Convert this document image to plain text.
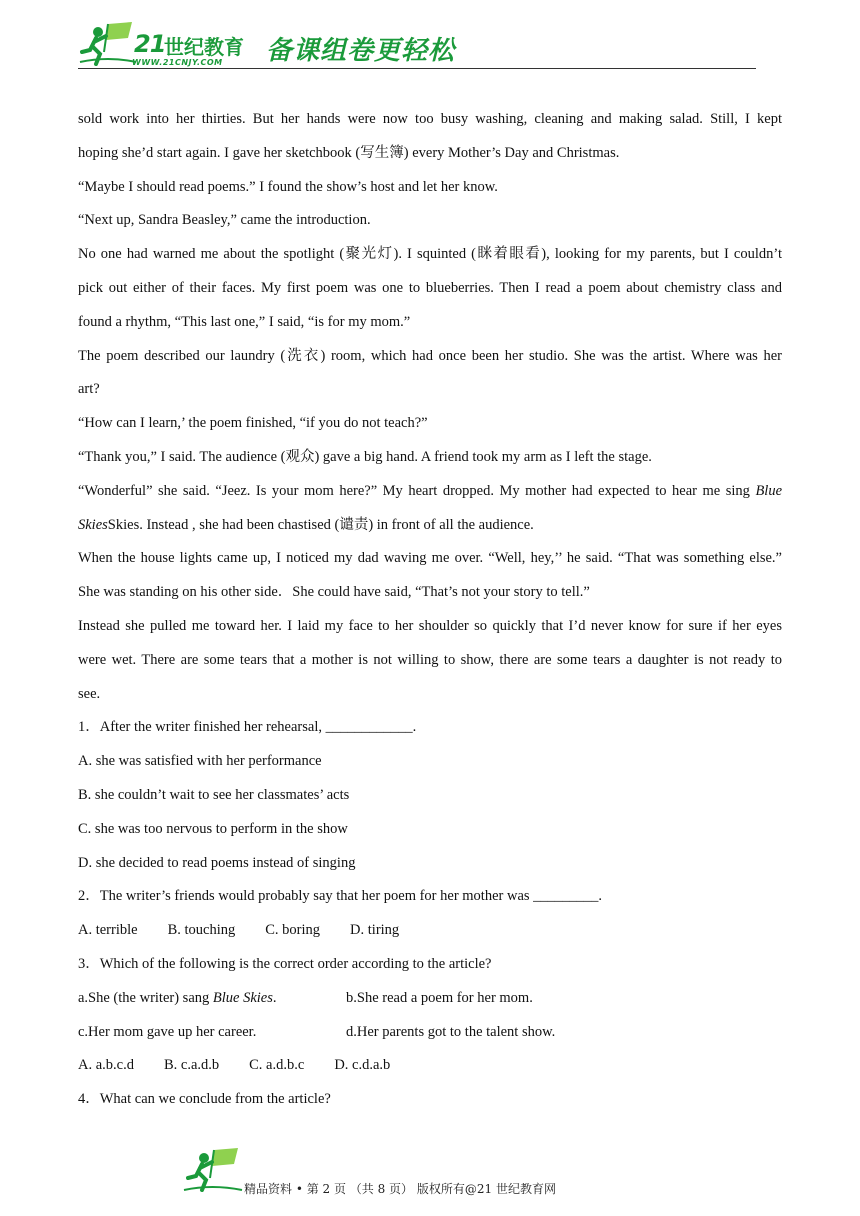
21
世纪教育
WWW.21CNJY.COM 备课组卷更轻松
sold work into her thirties. But her hands were now too busy washing, cleaning and making salad. Still, I kept
hoping she’d start again. I gave her sketchbook (写生簿) every Mother’s Day and Christmas.
“Maybe I should read poems.” I found the show’s host and let her know.
“Next up, Sandra Beasley,” came the introduction.
No one had warned me about the spotlight (聚光灯). I squinted (眯着眼看), looking for my parents, but I couldn’t
pick out either of their faces. My first poem was one to blueberries. Then I read a poem about chemistry class and
found a rhythm, “This last one,” I said, “is for my mom.”
The poem described our laundry (洗衣) room, which had once been her studio. She was the artist. Where was her
art?
“How can I learn,’ the poem finished, “if you do not teach?”
“Thank you,” I said. The audience (观众) gave a big hand. A friend took my arm as I left the stage.
“Wonderful” she said. “Jeez. Is your mom here?” My heart dropped. My mother had expected to hear me sing Blue
SkiesSkies. Instead , she had been chastised (谴责) in front of all the audience.
When the house lights came up, I noticed my dad waving me over. “Well, hey,’’ he said. “That was something else.”
She was standing on his other side．She could have said, “That’s not your story to tell.”
Instead she pulled me toward her. I laid my face to her shoulder so quickly that I’d never know for sure if her eyes
were wet. There are some tears that a mother is not willing to show, there are some tears a daughter is not ready to
see.
1．After the writer finished her rehearsal, ____________.
A. she was satisfied with her performance
B. she couldn’t wait to see her classmates’ acts
C. she was too nervous to perform in the show
D. she decided to read poems instead of singing
2．The writer’s friends would probably say that her poem for her mother was _________.
A. terrible B. touching C. boring D. tiring
3．Which of the following is the correct order according to the article?
a.She (the writer) sang Blue Skies.	b.She read a poem for her mom.
c.Her mom gave up her career.	d.Her parents got to the talent show.
A. a.b.c.d B. c.a.d.b C. a.d.b.c D. c.d.a.b
4．What can we conclude from the article?
精品资料 • 第 2 页 （共 8 页） 版权所有@21 世纪教育网
